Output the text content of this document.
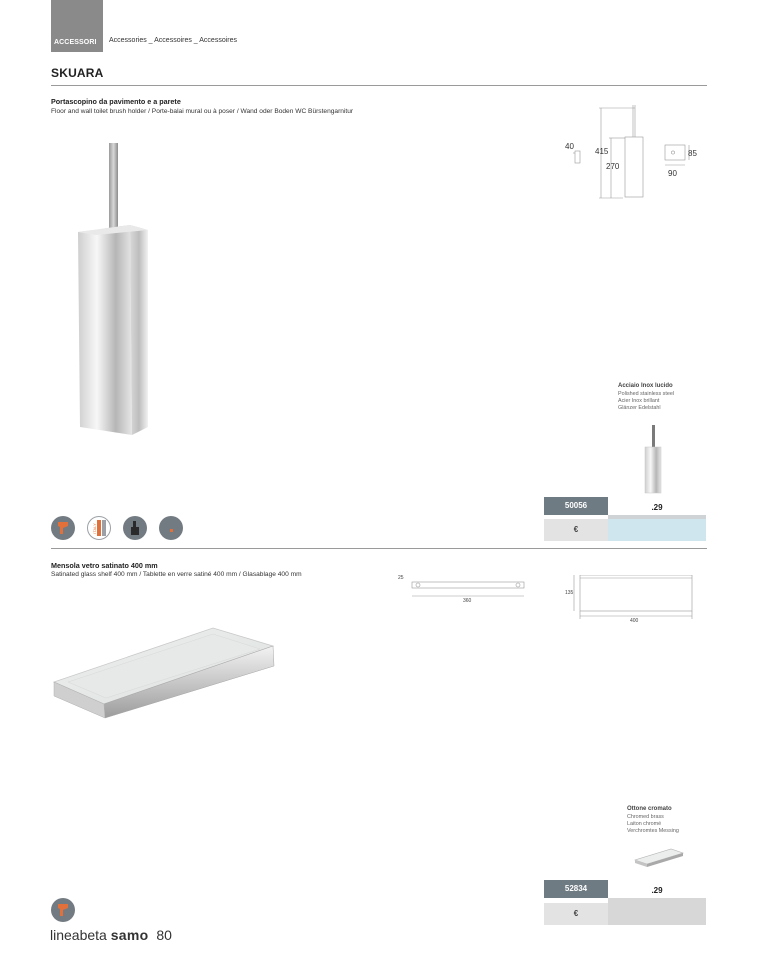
ACCESSORI Accessories _ Accessoires _ Accessoires
SKUARA
Portascopino da pavimento e a parete
Floor and wall toilet brush holder / Porte-balai mural ou à poser / Wand oder Boden WC Bürstengarnitur
40
415
270
85
90
Acciaio Inox lucido
Polished stainless steel
Acier Inox brillant
Glänzer Edelstahl
50056	.29
€
ITALY
Mensola vetro satinato 400 mm
Satinated glass shelf 400 mm / Tablette en verre satiné 400 mm / Glasablage 400 mm	25
360
135
400
Ottone cromato
Chromed brass
Laiton chromé
Verchromtes Messing
52834	.29
€
lineabeta samo 80
